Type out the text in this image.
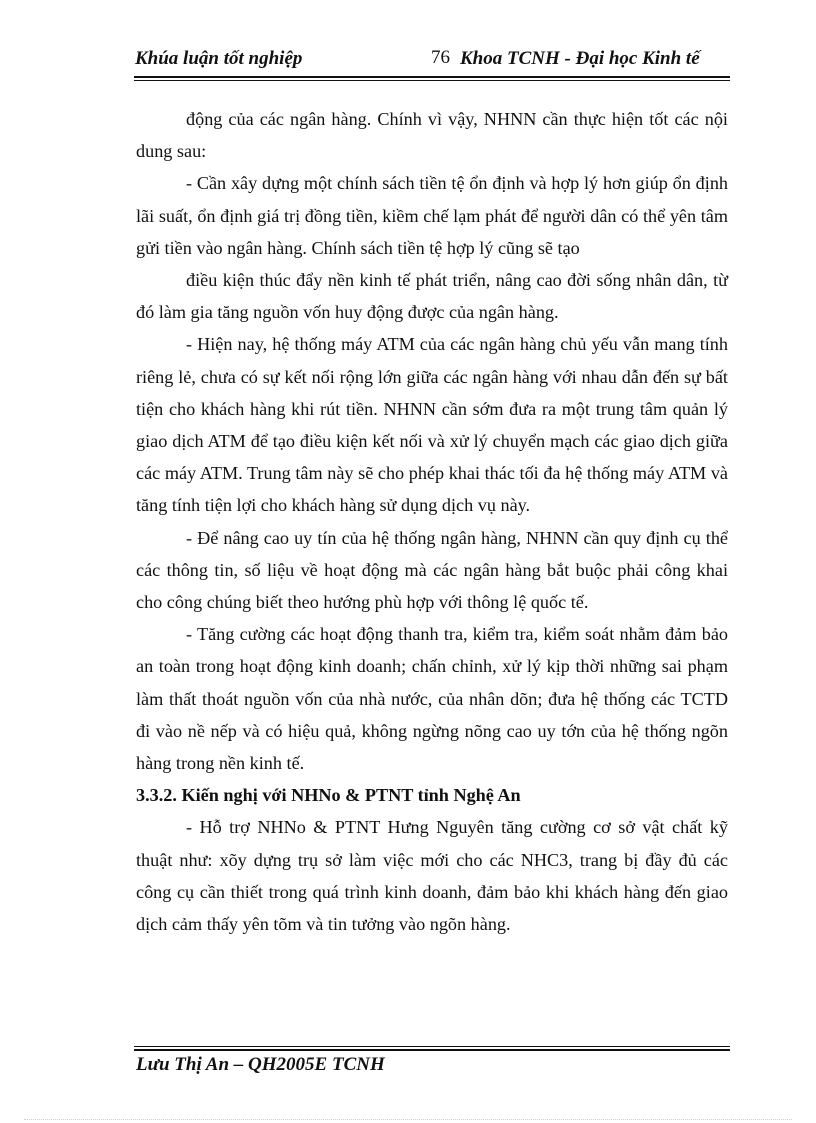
Khúa luận tốt nghiệp	76 Khoa TCNH - Đại học Kinh tế

động của các ngân hàng. Chính vì vậy, NHNN cần thực hiện tốt các nội dung sau:

- Cần xây dựng một chính sách tiền tệ ổn định và hợp lý hơn giúp ổn định lãi suất, ổn định giá trị đồng tiền, kiềm chế lạm phát để người dân có thể yên tâm gửi tiền vào ngân hàng. Chính sách tiền tệ hợp lý cũng sẽ tạo

điều kiện thúc đẩy nền kinh tế phát triển, nâng cao đời sống nhân dân, từ đó làm gia tăng nguồn vốn huy động được của ngân hàng.

- Hiện nay, hệ thống máy ATM của các ngân hàng chủ yếu vẫn mang tính riêng lẻ, chưa có sự kết nối rộng lớn giữa các ngân hàng với nhau dẫn đến sự bất tiện cho khách hàng khi rút tiền. NHNN cần sớm đưa ra một trung tâm quản lý giao dịch ATM để tạo điều kiện kết nối và xử lý chuyển mạch các giao dịch giữa các máy ATM. Trung tâm này sẽ cho phép khai thác tối đa hệ thống máy ATM và tăng tính tiện lợi cho khách hàng sử dụng dịch vụ này.

- Để nâng cao uy tín của hệ thống ngân hàng, NHNN cần quy định cụ thể các thông tin, số liệu về hoạt động mà các ngân hàng bắt buộc phải công khai cho công chúng biết theo hướng phù hợp với thông lệ quốc tế.

- Tăng cường các hoạt động thanh tra, kiểm tra, kiểm soát nhằm đảm bảo an toàn trong hoạt động kinh doanh; chấn chỉnh, xử lý kịp thời những sai phạm làm thất thoát nguồn vốn của nhà nước, của nhân dõn; đưa hệ thống các TCTD đi vào nề nếp và có hiệu quả, không ngừng nõng cao uy tớn của hệ thống ngõn hàng trong nền kinh tế.

3.3.2. Kiến nghị với NHNo & PTNT tỉnh Nghệ An

- Hỗ trợ NHNo & PTNT Hưng Nguyên tăng cường cơ sở vật chất kỹ thuật như: xõy dựng trụ sở làm việc mới cho các NHC3, trang bị đầy đủ các công cụ cần thiết trong quá trình kinh doanh, đảm bảo khi khách hàng đến giao dịch cảm thấy yên tõm và tin tưởng vào ngõn hàng.

Lưu Thị An – QH2005E TCNH
